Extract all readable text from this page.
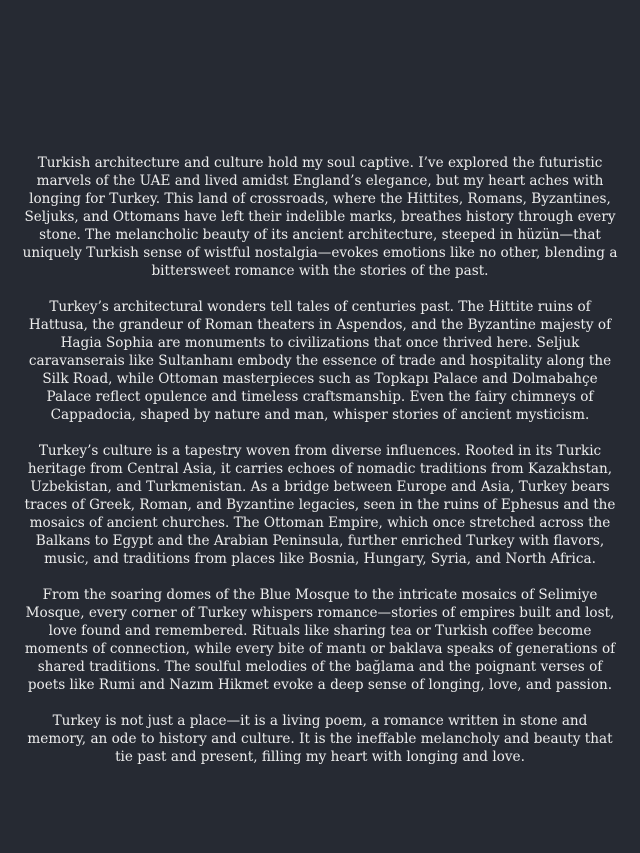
Turkish architecture and culture hold my soul captive. I’ve explored the futuristic marvels of the UAE and lived amidst England’s elegance, but my heart aches with longing for Turkey. This land of crossroads, where the Hittites, Romans, Byzantines, Seljuks, and Ottomans have left their indelible marks, breathes history through every stone. The melancholic beauty of its ancient architecture, steeped in hüzün—that uniquely Turkish sense of wistful nostalgia—evokes emotions like no other, blending a bittersweet romance with the stories of the past.

Turkey’s architectural wonders tell tales of centuries past. The Hittite ruins of Hattusa, the grandeur of Roman theaters in Aspendos, and the Byzantine majesty of Hagia Sophia are monuments to civilizations that once thrived here. Seljuk caravanserais like Sultanhanı embody the essence of trade and hospitality along the Silk Road, while Ottoman masterpieces such as Topkapı Palace and Dolmabahçe Palace reflect opulence and timeless craftsmanship. Even the fairy chimneys of Cappadocia, shaped by nature and man, whisper stories of ancient mysticism.

Turkey’s culture is a tapestry woven from diverse influences. Rooted in its Turkic heritage from Central Asia, it carries echoes of nomadic traditions from Kazakhstan, Uzbekistan, and Turkmenistan. As a bridge between Europe and Asia, Turkey bears traces of Greek, Roman, and Byzantine legacies, seen in the ruins of Ephesus and the mosaics of ancient churches. The Ottoman Empire, which once stretched across the Balkans to Egypt and the Arabian Peninsula, further enriched Turkey with flavors, music, and traditions from places like Bosnia, Hungary, Syria, and North Africa.

From the soaring domes of the Blue Mosque to the intricate mosaics of Selimiye Mosque, every corner of Turkey whispers romance—stories of empires built and lost, love found and remembered. Rituals like sharing tea or Turkish coffee become moments of connection, while every bite of mantı or baklava speaks of generations of shared traditions. The soulful melodies of the bağlama and the poignant verses of poets like Rumi and Nazım Hikmet evoke a deep sense of longing, love, and passion.

Turkey is not just a place—it is a living poem, a romance written in stone and memory, an ode to history and culture. It is the ineffable melancholy and beauty that tie past and present, filling my heart with longing and love.
